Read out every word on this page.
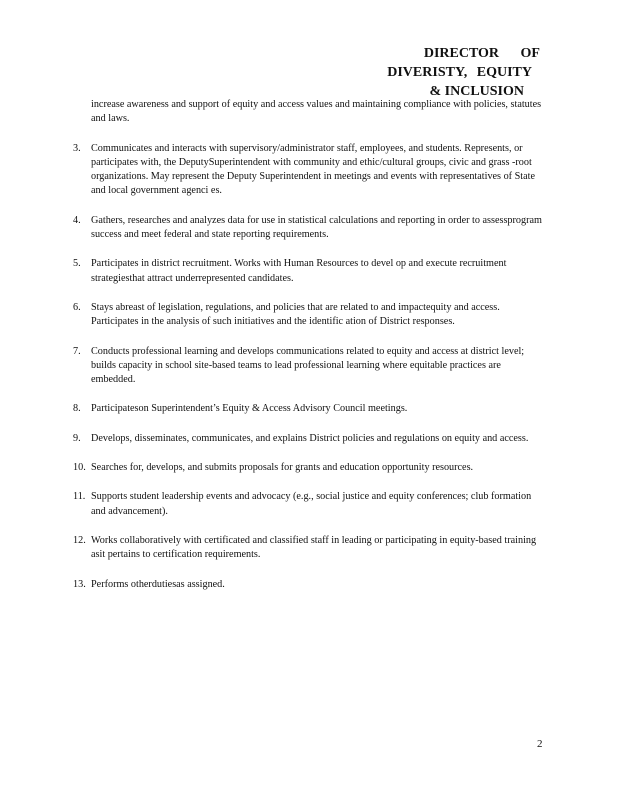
DIRECTOR OF
DIVERISTY, EQUITY
& INCLUSION
increase awareness and support of equity and access values and maintaining compliance with policies, statutes and laws.
3.	Communicates and interacts with supervisory/administrator staff, employees, and students. Represents, or participates with, the DeputySuperintendent with community and ethic/cultural groups, civic and grass -root organizations. May represent the Deputy Superintendent in meetings and events with representatives of State and local government agenci es.
4.	Gathers, researches and analyzes data for use in statistical calculations and reporting in order to assessprogram success and meet federal and state reporting requirements.
5.	Participates in district recruitment. Works with Human Resources to devel op and execute recruitment strategiesthat attract underrepresented candidates.
6.	Stays abreast of legislation, regulations, and policies that are related to and impactequity and access. Participates in the analysis of such initiatives and the identific ation of District responses.
7.	Conducts professional learning and develops communications related to equity and access at district level; builds capacity in school site-based teams to lead professional learning where equitable practices are embedded.
8.	Participateson Superintendent’s Equity & Access Advisory Council meetings.
9.	Develops, disseminates, communicates, and explains District policies and regulations on equity and access.
10. Searches for, develops, and submits proposals for grants and education opportunity resources.
11. Supports student leadership events and advocacy (e.g., social justice and equity conferences; club formation and advancement).
12. Works collaboratively with certificated and classified staff in leading or participating in equity-based training asit pertains to certification requirements.
13. Performs otherdutiesas assigned.
2
